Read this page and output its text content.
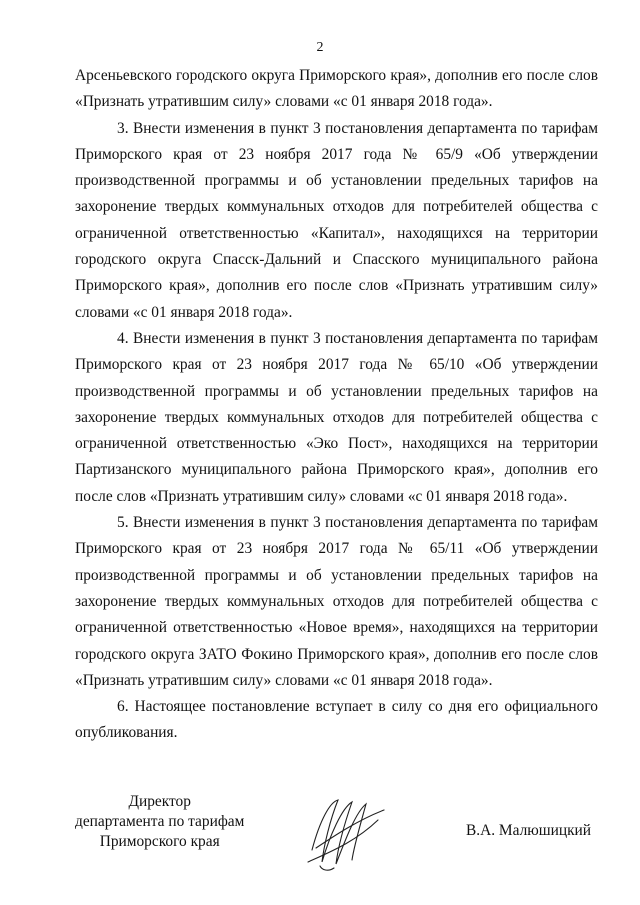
2

Арсеньевского городского округа Приморского края», дополнив его после слов «Признать утратившим силу» словами «с 01 января 2018 года».

3. Внести изменения в пункт 3 постановления департамента по тарифам Приморского края от 23 ноября 2017 года № 65/9 «Об утверждении производственной программы и об установлении предельных тарифов на захоронение твердых коммунальных отходов для потребителей общества с ограниченной ответственностью «Капитал», находящихся на территории городского округа Спасск-Дальний и Спасского муниципального района Приморского края», дополнив его после слов «Признать утратившим силу» словами «с 01 января 2018 года».

4. Внести изменения в пункт 3 постановления департамента по тарифам Приморского края от 23 ноября 2017 года № 65/10 «Об утверждении производственной программы и об установлении предельных тарифов на захоронение твердых коммунальных отходов для потребителей общества с ограниченной ответственностью «Эко Пост», находящихся на территории Партизанского муниципального района Приморского края», дополнив его после слов «Признать утратившим силу» словами «с 01 января 2018 года».

5. Внести изменения в пункт 3 постановления департамента по тарифам Приморского края от 23 ноября 2017 года № 65/11 «Об утверждении производственной программы и об установлении предельных тарифов на захоронение твердых коммунальных отходов для потребителей общества с ограниченной ответственностью «Новое время», находящихся на территории городского округа ЗАТО Фокино Приморского края», дополнив его после слов «Признать утратившим силу» словами «с 01 января 2018 года».

6. Настоящее постановление вступает в силу со дня его официального опубликования.

Директор
департамента по тарифам
Приморского края
В.А. Малюшицкий
